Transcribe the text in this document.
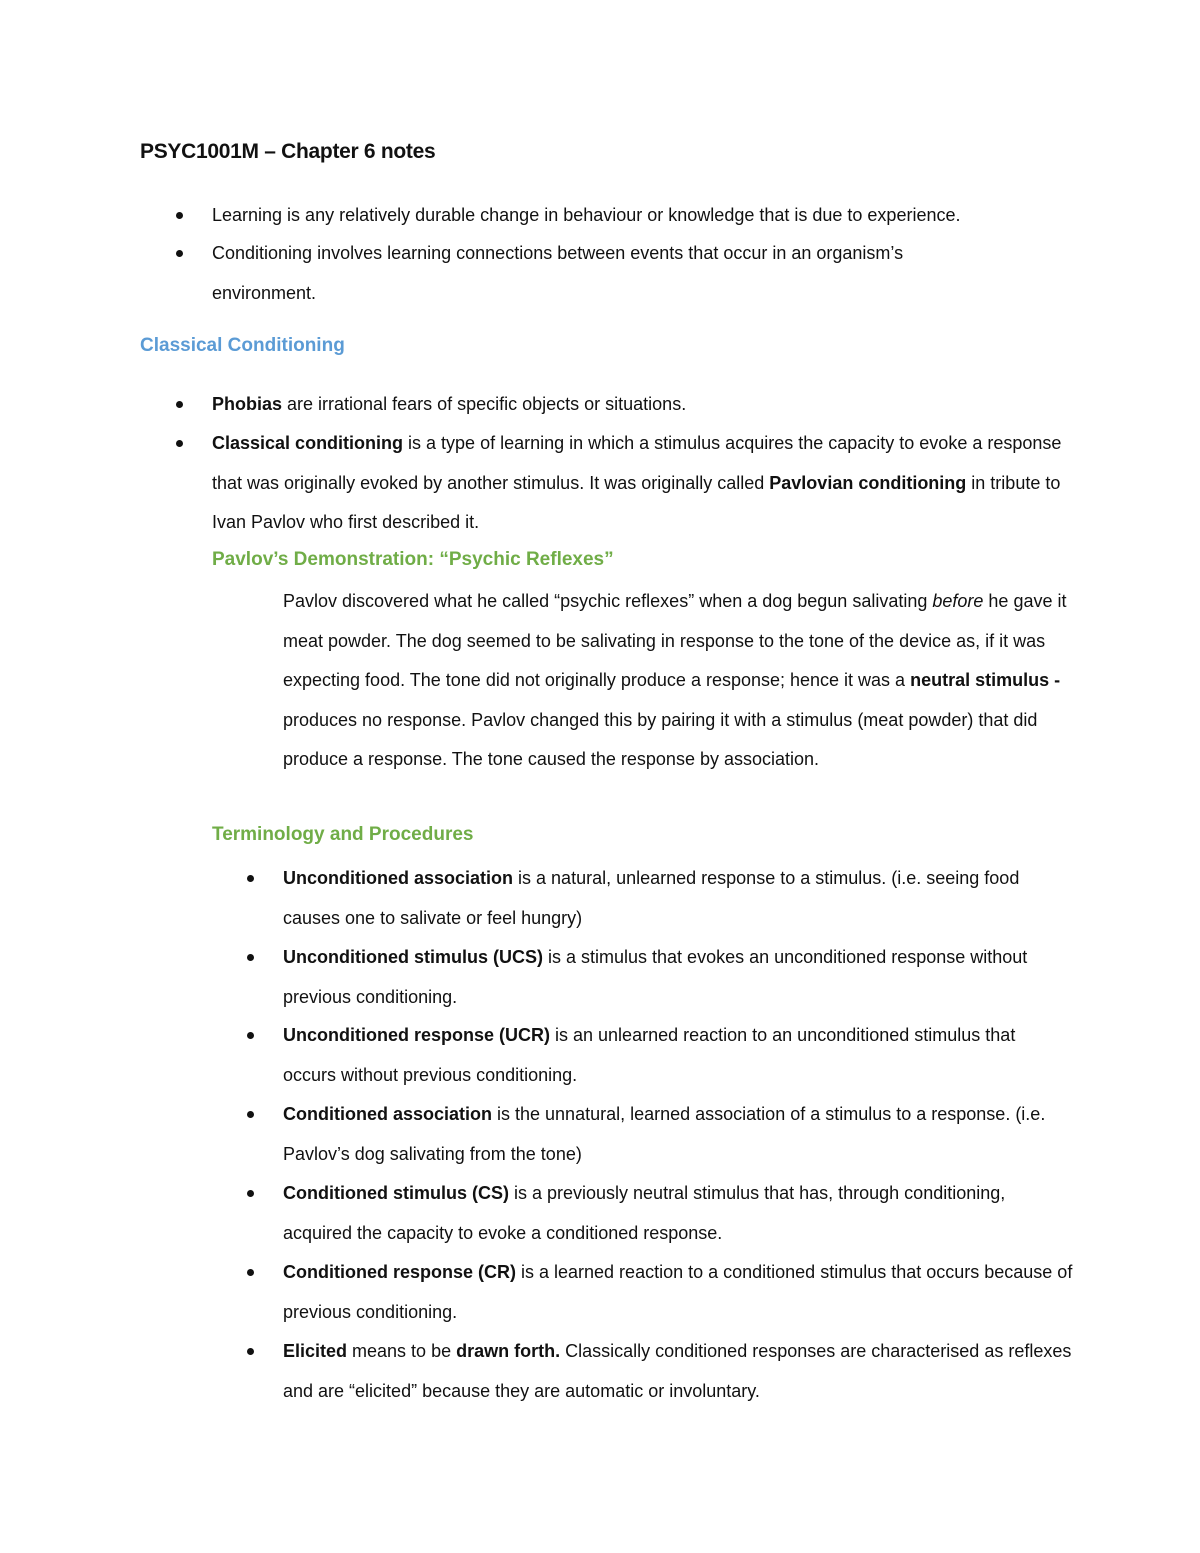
PSYC1001M – Chapter 6 notes
Learning is any relatively durable change in behaviour or knowledge that is due to experience.
Conditioning involves learning connections between events that occur in an organism’s environment.
Classical Conditioning
Phobias are irrational fears of specific objects or situations.
Classical conditioning is a type of learning in which a stimulus acquires the capacity to evoke a response that was originally evoked by another stimulus. It was originally called Pavlovian conditioning in tribute to Ivan Pavlov who first described it.
Pavlov’s Demonstration: “Psychic Reflexes”
Pavlov discovered what he called “psychic reflexes” when a dog begun salivating before he gave it meat powder. The dog seemed to be salivating in response to the tone of the device as, if it was expecting food. The tone did not originally produce a response; hence it was a neutral stimulus - produces no response. Pavlov changed this by pairing it with a stimulus (meat powder) that did produce a response. The tone caused the response by association.
Terminology and Procedures
Unconditioned association is a natural, unlearned response to a stimulus. (i.e. seeing food causes one to salivate or feel hungry)
Unconditioned stimulus (UCS) is a stimulus that evokes an unconditioned response without previous conditioning.
Unconditioned response (UCR) is an unlearned reaction to an unconditioned stimulus that occurs without previous conditioning.
Conditioned association is the unnatural, learned association of a stimulus to a response. (i.e. Pavlov’s dog salivating from the tone)
Conditioned stimulus (CS) is a previously neutral stimulus that has, through conditioning, acquired the capacity to evoke a conditioned response.
Conditioned response (CR) is a learned reaction to a conditioned stimulus that occurs because of previous conditioning.
Elicited means to be drawn forth. Classically conditioned responses are characterised as reflexes and are “elicited” because they are automatic or involuntary.
